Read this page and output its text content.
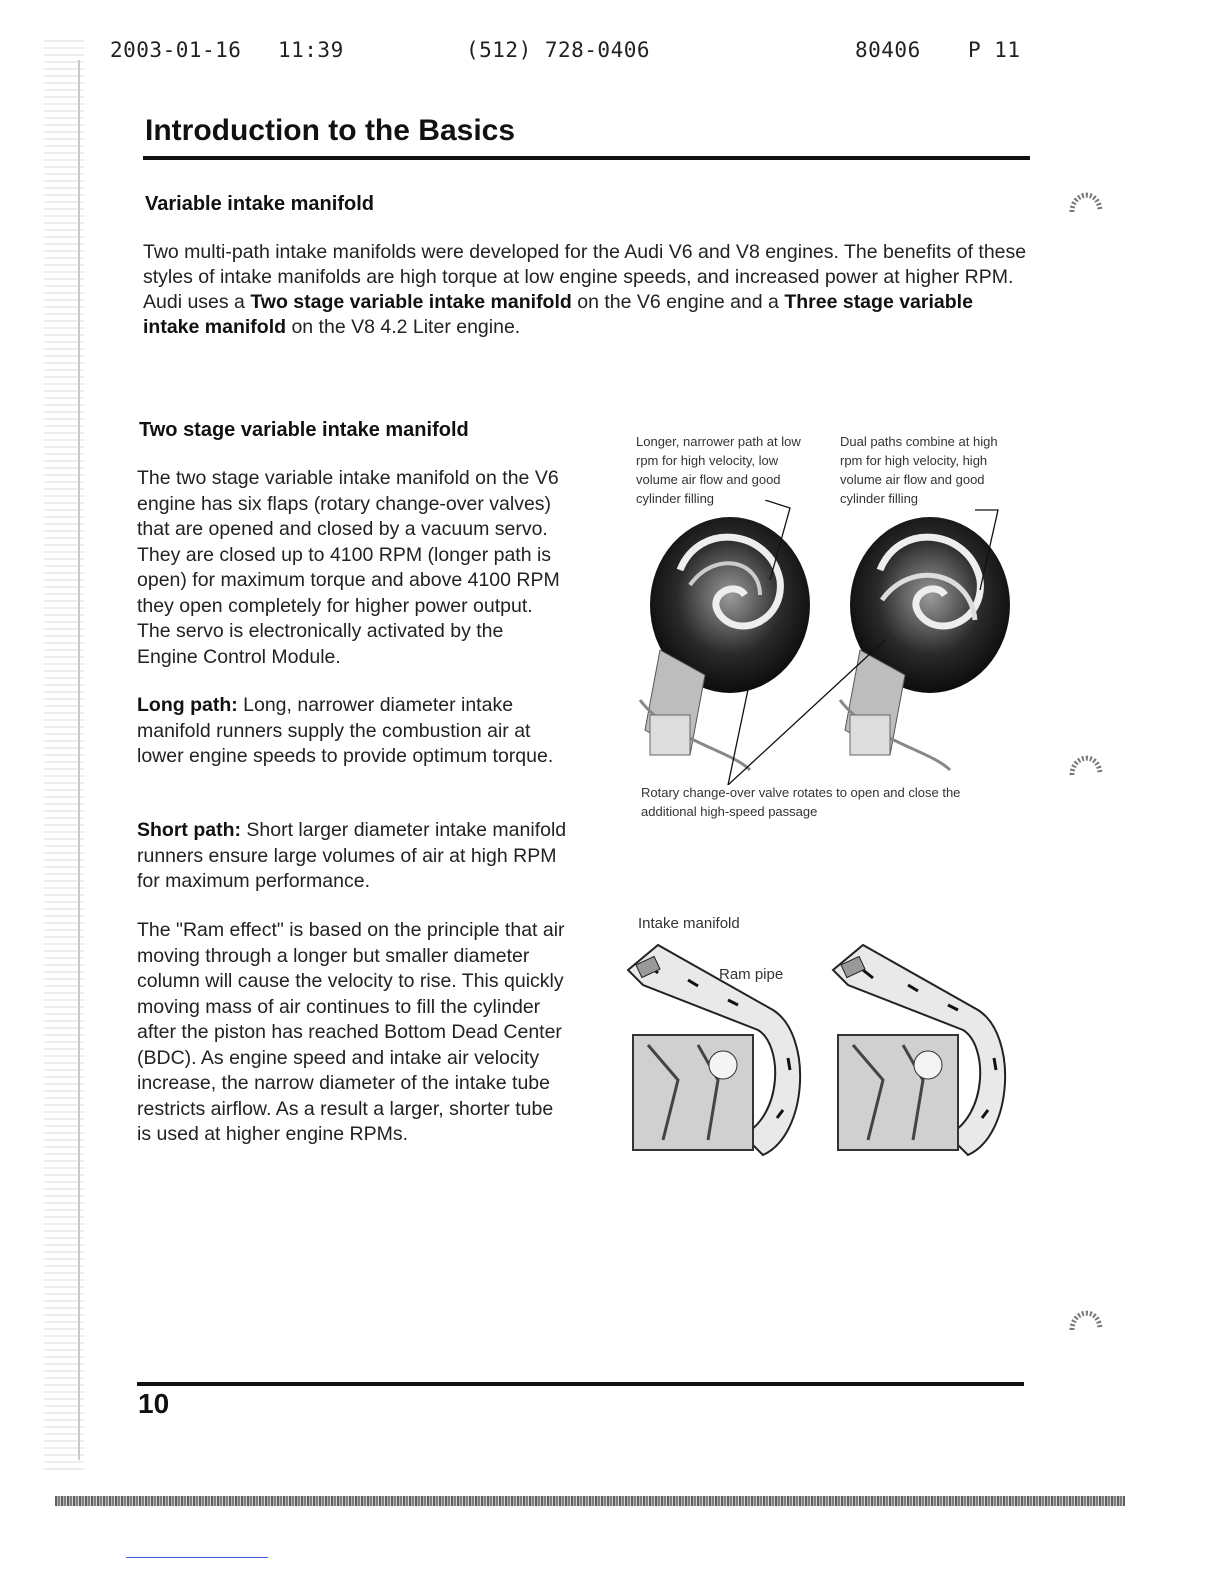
2003-01-16 11:39	(512) 728-0406	80406 P 11
Introduction to the Basics
Variable intake manifold
Two multi-path intake manifolds were developed for the Audi V6 and V8 engines. The benefits of these styles of intake manifolds are high torque at low engine speeds, and increased power at higher RPM. Audi uses a Two stage variable intake manifold on the V6 engine and a Three stage variable intake manifold on the V8 4.2 Liter engine.
Two stage variable intake manifold

The two stage variable intake manifold on the V6 engine has six flaps (rotary change-over valves) that are opened and closed by a vacuum servo. They are closed up to 4100 RPM (longer path is open) for maximum torque and above 4100 RPM they open completely for higher power output. The servo is electronically activated by the Engine Control Module.

Long path: Long, narrower diameter intake manifold runners supply the combustion air at lower engine speeds to provide optimum torque.

Short path: Short larger diameter intake manifold runners ensure large volumes of air at high RPM for maximum performance.

The "Ram effect" is based on the principle that air moving through a longer but smaller diameter column will cause the velocity to rise. This quickly moving mass of air continues to fill the cylinder after the piston has reached Bottom Dead Center (BDC). As engine speed and intake air velocity increase, the narrow diameter of the intake tube restricts airflow. As a result a larger, shorter tube is used at higher engine RPMs.

Longer, narrower path at low rpm for high velocity, low volume air flow and good cylinder filling
Dual paths combine at high rpm for high velocity, high volume air flow and good cylinder filling
Rotary change-over valve rotates to open and close the additional high-speed passage
Intake manifold
Ram pipe
10
